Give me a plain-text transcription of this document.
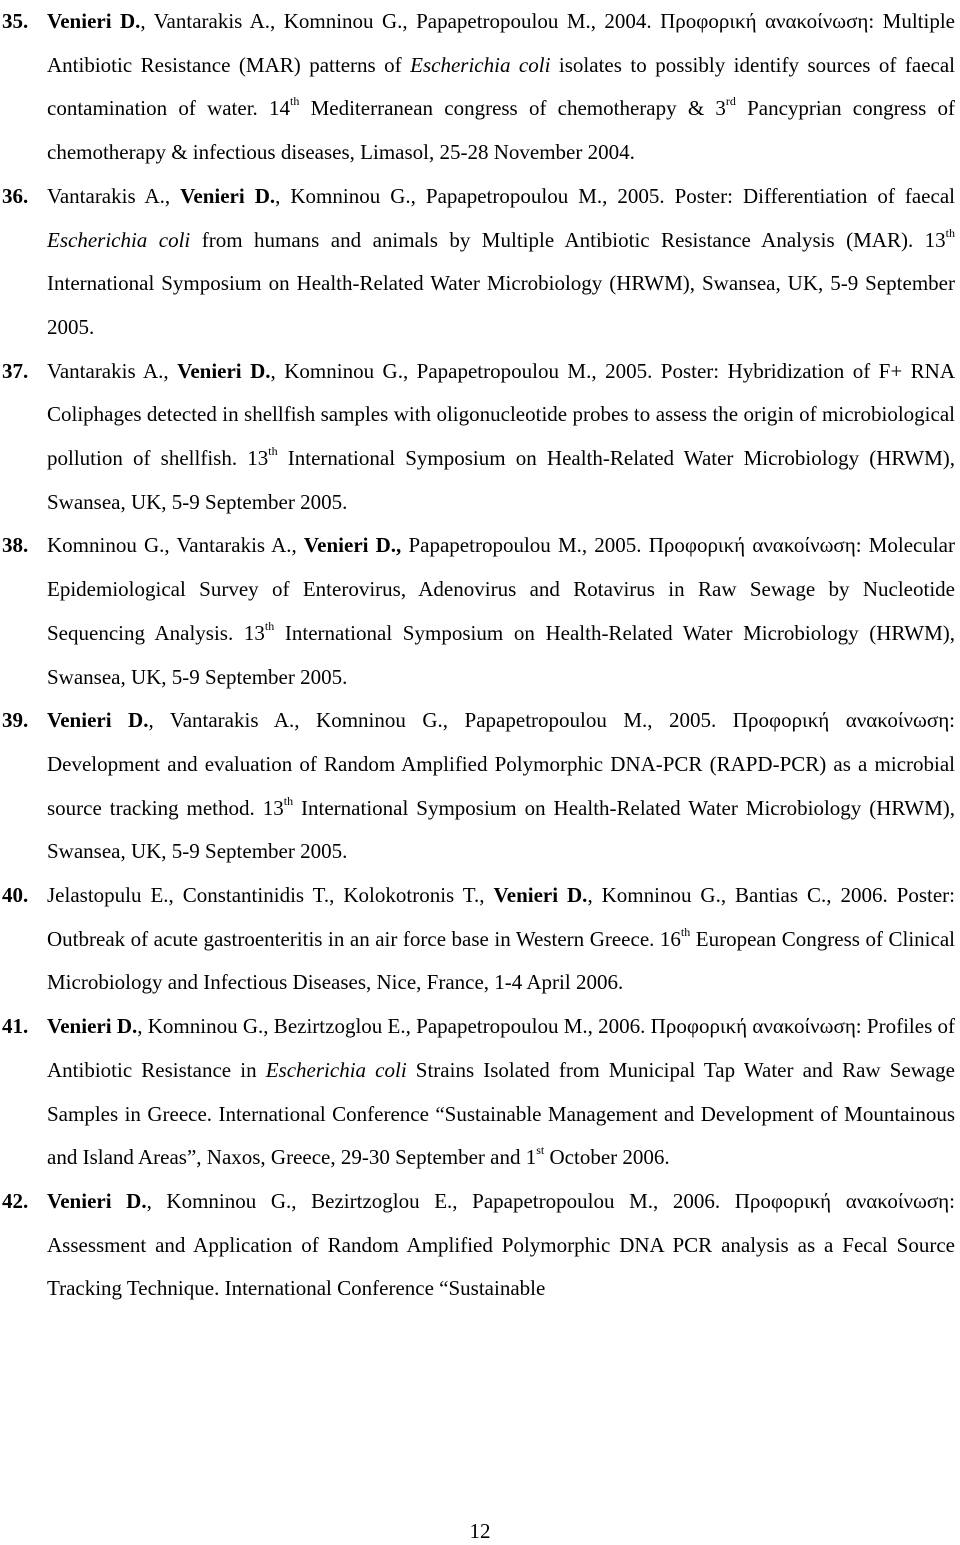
35. Venieri D., Vantarakis A., Komninou G., Papapetropoulou M., 2004. Προφορική ανακοίνωση: Multiple Antibiotic Resistance (MAR) patterns of Escherichia coli isolates to possibly identify sources of faecal contamination of water. 14th Mediterranean congress of chemotherapy & 3rd Pancyprian congress of chemotherapy & infectious diseases, Limasol, 25-28 November 2004.
36. Vantarakis A., Venieri D., Komninou G., Papapetropoulou M., 2005. Poster: Differentiation of faecal Escherichia coli from humans and animals by Multiple Antibiotic Resistance Analysis (MAR). 13th International Symposium on Health-Related Water Microbiology (HRWM), Swansea, UK, 5-9 September 2005.
37. Vantarakis A., Venieri D., Komninou G., Papapetropoulou M., 2005. Poster: Hybridization of F+ RNA Coliphages detected in shellfish samples with oligonucleotide probes to assess the origin of microbiological pollution of shellfish. 13th International Symposium on Health-Related Water Microbiology (HRWM), Swansea, UK, 5-9 September 2005.
38. Komninou G., Vantarakis A., Venieri D., Papapetropoulou M., 2005. Προφορική ανακοίνωση: Molecular Epidemiological Survey of Enterovirus, Adenovirus and Rotavirus in Raw Sewage by Nucleotide Sequencing Analysis. 13th International Symposium on Health-Related Water Microbiology (HRWM), Swansea, UK, 5-9 September 2005.
39. Venieri D., Vantarakis A., Komninou G., Papapetropoulou M., 2005. Προφορική ανακοίνωση: Development and evaluation of Random Amplified Polymorphic DNA-PCR (RAPD-PCR) as a microbial source tracking method. 13th International Symposium on Health-Related Water Microbiology (HRWM), Swansea, UK, 5-9 September 2005.
40. Jelastopulu E., Constantinidis T., Kolokotronis T., Venieri D., Komninou G., Bantias C., 2006. Poster: Outbreak of acute gastroenteritis in an air force base in Western Greece. 16th European Congress of Clinical Microbiology and Infectious Diseases, Nice, France, 1-4 April 2006.
41. Venieri D., Komninou G., Bezirtzoglou E., Papapetropoulou M., 2006. Προφορική ανακοίνωση: Profiles of Antibiotic Resistance in Escherichia coli Strains Isolated from Municipal Tap Water and Raw Sewage Samples in Greece. International Conference “Sustainable Management and Development of Mountainous and Island Areas”, Naxos, Greece, 29-30 September and 1st October 2006.
42. Venieri D., Komninou G., Bezirtzoglou E., Papapetropoulou M., 2006. Προφορική ανακοίνωση: Assessment and Application of Random Amplified Polymorphic DNA PCR analysis as a Fecal Source Tracking Technique. International Conference “Sustainable
12
